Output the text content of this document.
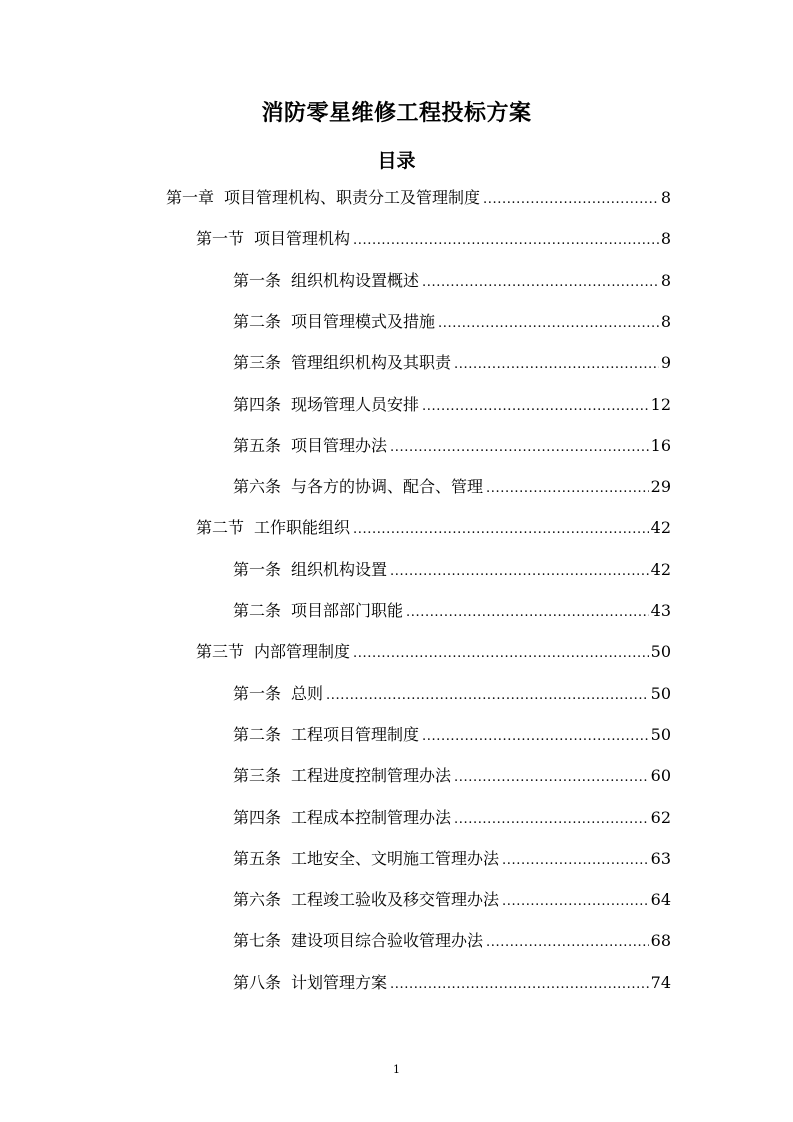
消防零星维修工程投标方案
目录
第一章 项目管理机构、职责分工及管理制度 .....	8
第一节 项目管理机构 .....	8
第一条 组织机构设置概述 .....	8
第二条 项目管理模式及措施 .....	8
第三条 管理组织机构及其职责 .....	9
第四条 现场管理人员安排 .....	12
第五条 项目管理办法 .....	16
第六条 与各方的协调、配合、管理 .....	29
第二节 工作职能组织 .....	42
第一条 组织机构设置 .....	42
第二条 项目部部门职能 .....	43
第三节 内部管理制度 .....	50
第一条 总则 .....	50
第二条 工程项目管理制度 .....	50
第三条 工程进度控制管理办法 .....	60
第四条 工程成本控制管理办法 .....	62
第五条 工地安全、文明施工管理办法 .....	63
第六条 工程竣工验收及移交管理办法 .....	64
第七条 建设项目综合验收管理办法 .....	68
第八条 计划管理方案 .....	74
1
